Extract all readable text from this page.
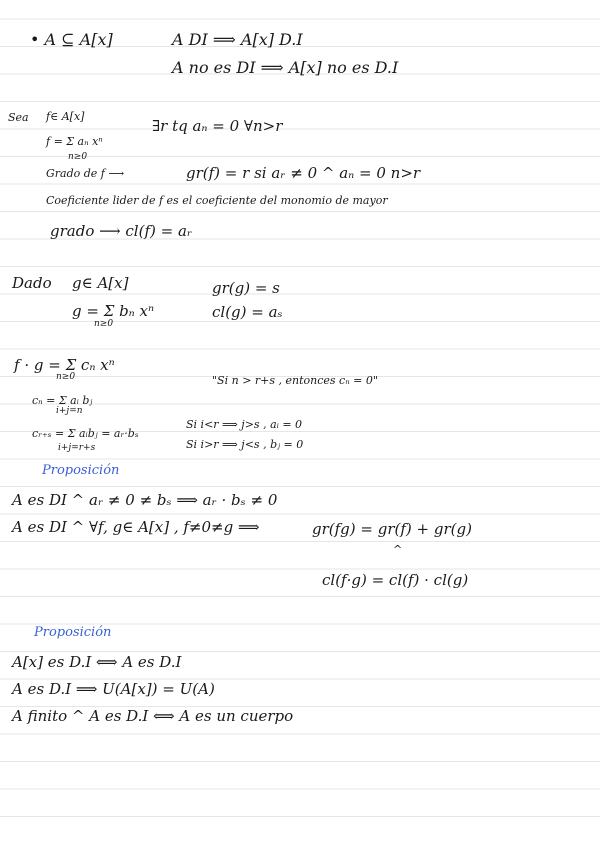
• A ⊆ A[x]	A DI ⟹ A[x] D.I
A no es DI ⟹ A[x] no es D.I
Sea f∈ A[x]
∃r tq aₙ = 0 ∀n>r
f = Σ aₙ xⁿ
n≥0
Grado de f ⟶	gr(f) = r si aᵣ ≠ 0 ^ aₙ = 0 n>r
Coeficiente lider de f es el coeficiente del monomio de mayor
grado ⟶ cl(f) = aᵣ
Dado g∈ A[x]	gr(g) = s
g = Σ bₙ xⁿ
n≥0
cl(g) = aₛ
f · g = Σ cₙ xⁿ
n≥0	"Si n > r+s , entonces cₙ = 0"
cₙ = Σ aᵢ bⱼ
i+j=n
cᵣ₊ₛ = Σ aᵢbⱼ = aᵣ·bₛ
i+j=r+s
Si i<r ⟹ j>s , aᵢ = 0
Si i>r ⟹ j<s , bⱼ = 0
Proposición
A es DI ^ aᵣ ≠ 0 ≠ bₛ ⟹ aᵣ · bₛ ≠ 0
A es DI ^ ∀f, g∈ A[x] , f≠0≠g ⟹	gr(fg) = gr(f) + gr(g)
^
cl(f·g) = cl(f) · cl(g)
Proposición
A[x] es D.I ⟺ A es D.I
A es D.I ⟹ U(A[x]) = U(A)
A finito ^ A es D.I ⟺ A es un cuerpo
